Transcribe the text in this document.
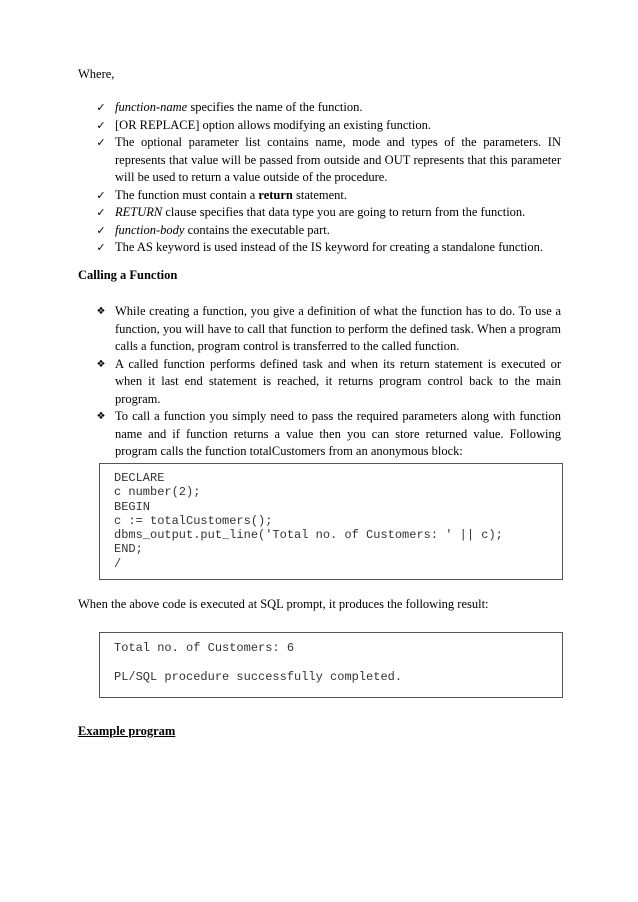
Where,

✓ function-name specifies the name of the function.
✓ [OR REPLACE] option allows modifying an existing function.
✓ The optional parameter list contains name, mode and types of the parameters. IN represents that value will be passed from outside and OUT represents that this parameter will be used to return a value outside of the procedure.
✓ The function must contain a return statement.
✓ RETURN clause specifies that data type you are going to return from the function.
✓ function-body contains the executable part.
✓ The AS keyword is used instead of the IS keyword for creating a standalone function.

Calling a Function

❖ While creating a function, you give a definition of what the function has to do. To use a function, you will have to call that function to perform the defined task. When a program calls a function, program control is transferred to the called function.
❖ A called function performs defined task and when its return statement is executed or when it last end statement is reached, it returns program control back to the main program.
❖ To call a function you simply need to pass the required parameters along with function name and if function returns a value then you can store returned value. Following program calls the function totalCustomers from an anonymous block:
DECLARE
c number(2);
BEGIN
c := totalCustomers();
dbms_output.put_line('Total no. of Customers: ' || c);
END;
/

When the above code is executed at SQL prompt, it produces the following result:

Total no. of Customers: 6
PL/SQL procedure successfully completed.

Example program
